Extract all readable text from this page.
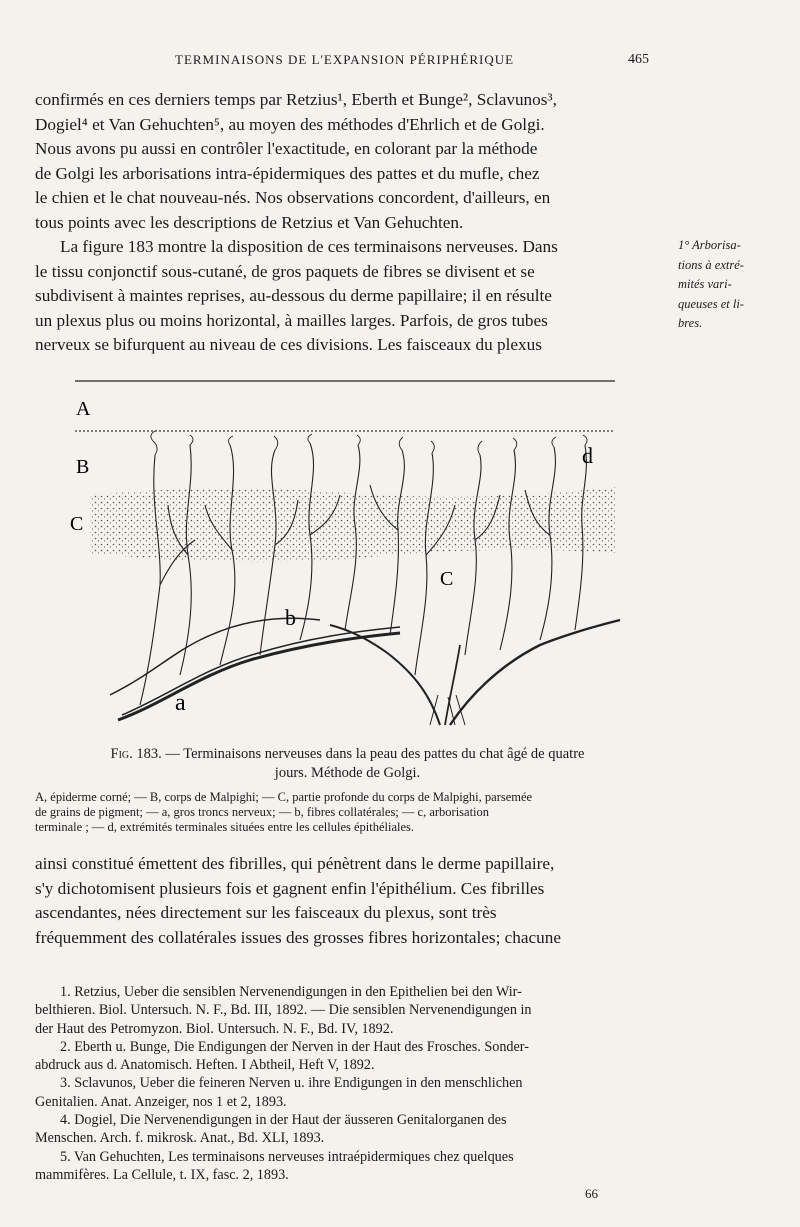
TERMINAISONS DE L'EXPANSION PÉRIPHÉRIQUE	465
confirmés en ces derniers temps par Retzius¹, Eberth et Bunge², Sclavunos³,
Dogiel⁴ et Van Gehuchten⁵, au moyen des méthodes d'Ehrlich et de Golgi.
Nous avons pu aussi en contrôler l'exactitude, en colorant par la méthode
de Golgi les arborisations intra-épidermiques des pattes et du mufle, chez
le chien et le chat nouveau-nés. Nos observations concordent, d'ailleurs, en
tous points avec les descriptions de Retzius et Van Gehuchten.
La figure 183 montre la disposition de ces terminaisons nerveuses. Dans
le tissu conjonctif sous-cutané, de gros paquets de fibres se divisent et se
subdivisent à maintes reprises, au-dessous du derme papillaire; il en résulte
un plexus plus ou moins horizontal, à mailles larges. Parfois, de gros tubes
nerveux se bifurquent au niveau de ces divisions. Les faisceaux du plexus
1° Arborisa-
tions à extré-
mités vari-
queuses et li-
bres.
A
B
C
C
b
a
d
Fig. 183. — Terminaisons nerveuses dans la peau des pattes du chat âgé de quatre
jours. Méthode de Golgi.
A, épiderme corné; — B, corps de Malpighi; — C, partie profonde du corps de Malpighi, parsemée
de grains de pigment; — a, gros troncs nerveux; — b, fibres collatérales; — c, arborisation
terminale ; — d, extrémités terminales situées entre les cellules épithéliales.
ainsi constitué émettent des fibrilles, qui pénètrent dans le derme papillaire,
s'y dichotomisent plusieurs fois et gagnent enfin l'épithélium. Ces fibrilles
ascendantes, nées directement sur les faisceaux du plexus, sont très
fréquemment des collatérales issues des grosses fibres horizontales; chacune
1. Retzius, Ueber die sensiblen Nervenendigungen in den Epithelien bei den Wir-
belthieren. Biol. Untersuch. N. F., Bd. III, 1892. — Die sensiblen Nervenendigungen in
der Haut des Petromyzon. Biol. Untersuch. N. F., Bd. IV, 1892.
2. Eberth u. Bunge, Die Endigungen der Nerven in der Haut des Frosches. Sonder-
abdruck aus d. Anatomisch. Heften. I Abtheil, Heft V, 1892.
3. Sclavunos, Ueber die feineren Nerven u. ihre Endigungen in den menschlichen
Genitalien. Anat. Anzeiger, nos 1 et 2, 1893.
4. Dogiel, Die Nervenendigungen in der Haut der äusseren Genitalorganen des
Menschen. Arch. f. mikrosk. Anat., Bd. XLI, 1893.
5. Van Gehuchten, Les terminaisons nerveuses intraépidermiques chez quelques
mammifères. La Cellule, t. IX, fasc. 2, 1893.
66
